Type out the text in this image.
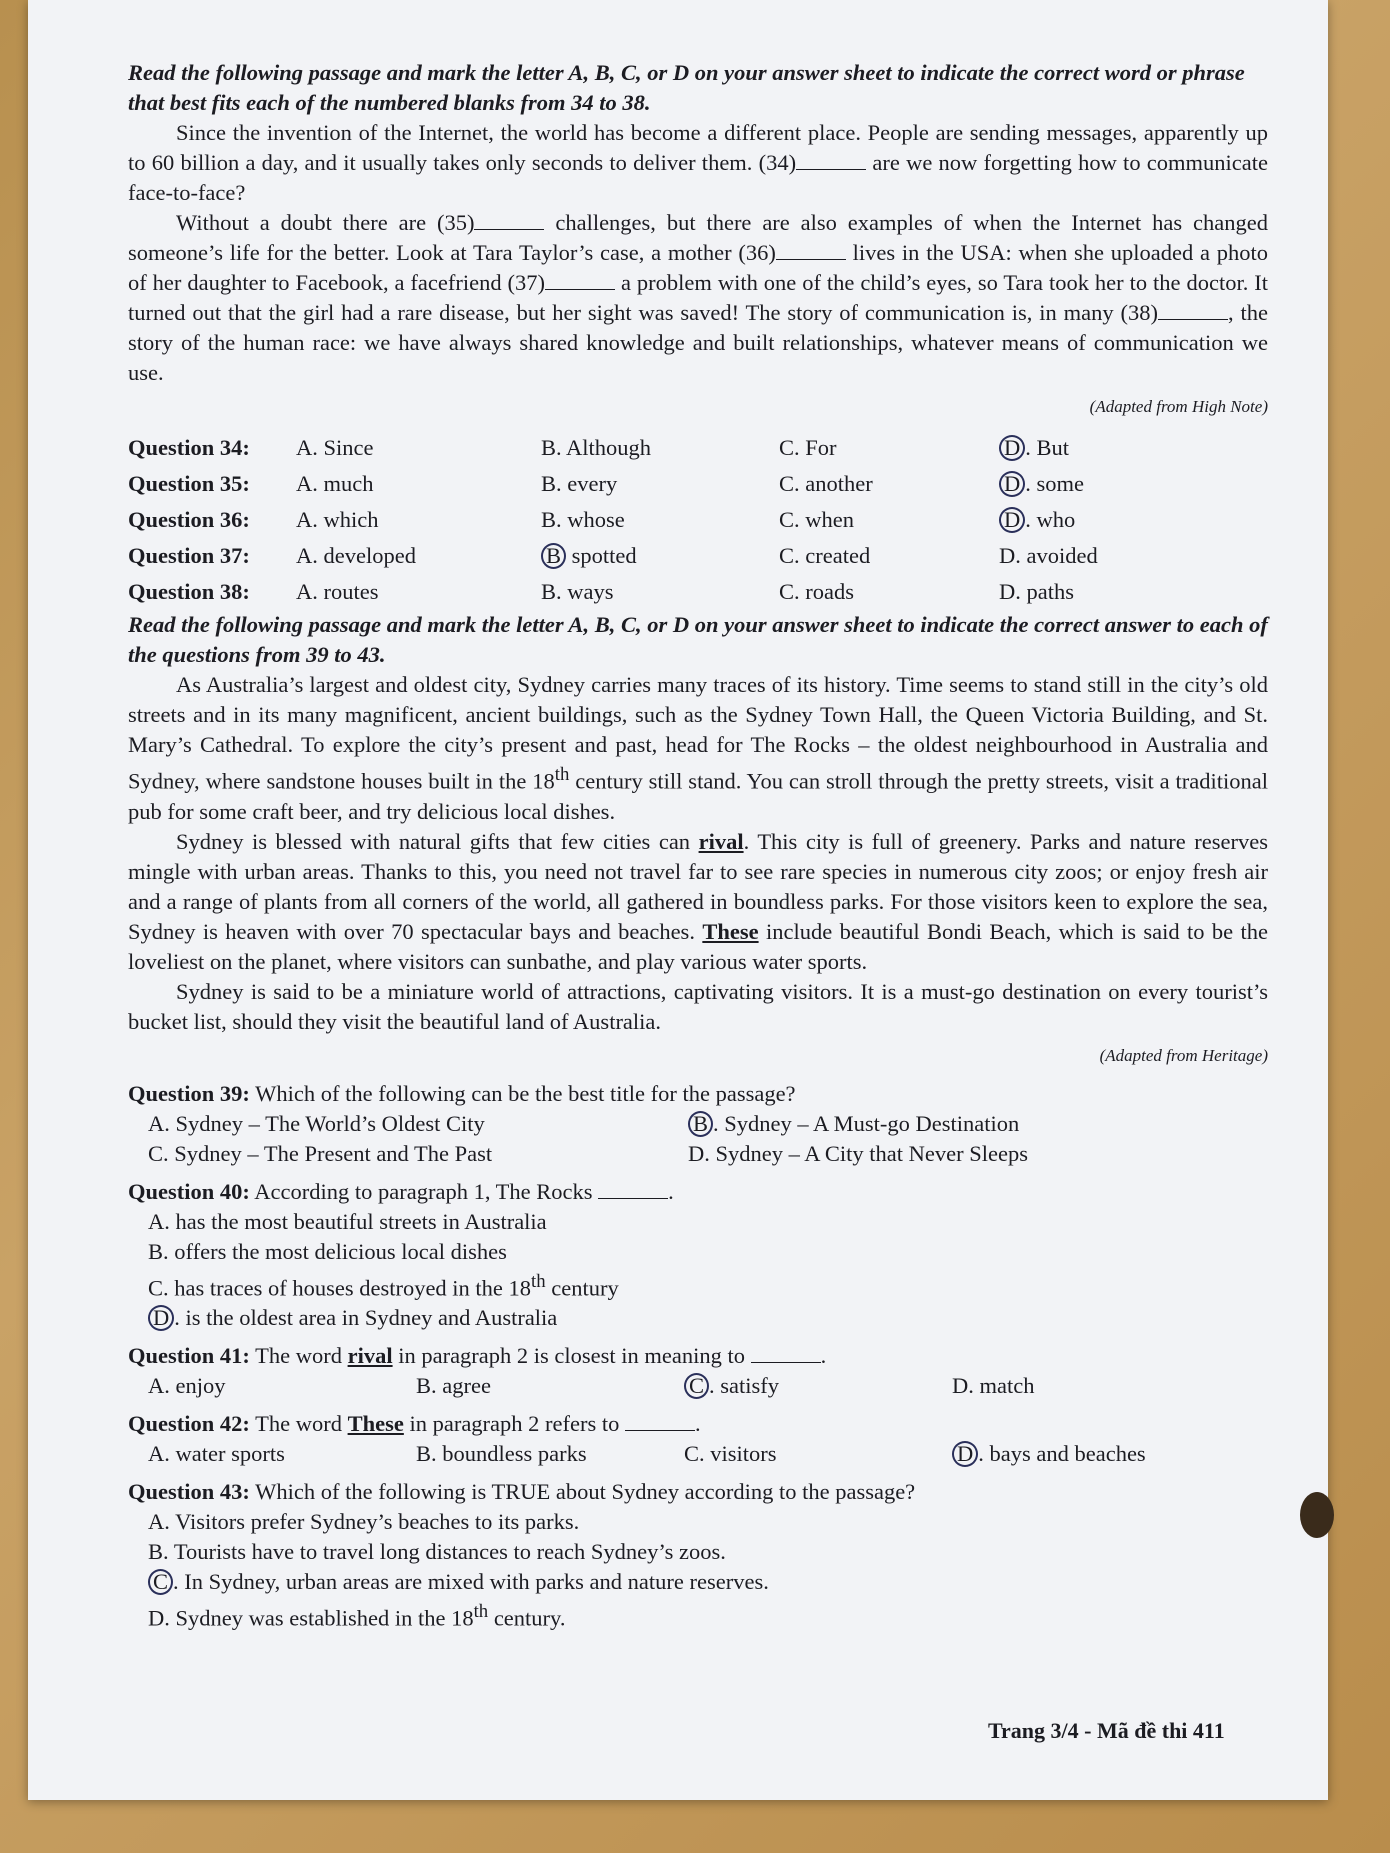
Read the following passage and mark the letter A, B, C, or D on your answer sheet to indicate the correct word or phrase that best fits each of the numbered blanks from 34 to 38.

Since the invention of the Internet, the world has become a different place. People are sending messages, apparently up to 60 billion a day, and it usually takes only seconds to deliver them. (34)	are we now forgetting how to communicate face-to-face?

Without a doubt there are (35)	challenges, but there are also examples of when the Internet has changed someone’s life for the better. Look at Tara Taylor’s case, a mother (36)	lives in the USA: when she uploaded a photo of her daughter to Facebook, a facefriend (37)	a problem with one of the child’s eyes, so Tara took her to the doctor. It turned out that the girl had a rare disease, but her sight was saved! The story of communication is, in many (38)	, the story of the human race: we have always shared knowledge and built relationships, whatever means of communication we use.

(Adapted from High Note)

Question 34:	A. Since	B. Although	C. For	D . But
Question 35:	A. much	B. every	C. another	D . some
Question 36:	A. which	B. whose	C. when	D . who
Question 37:	A. developed	B spotted	C. created	D. avoided
Question 38:	A. routes	B. ways	C. roads	D. paths

Read the following passage and mark the letter A, B, C, or D on your answer sheet to indicate the correct answer to each of the questions from 39 to 43.

As Australia’s largest and oldest city, Sydney carries many traces of its history. Time seems to stand still in the city’s old streets and in its many magnificent, ancient buildings, such as the Sydney Town Hall, the Queen Victoria Building, and St. Mary’s Cathedral. To explore the city’s present and past, head for The Rocks – the oldest neighbourhood in Australia and Sydney, where sandstone houses built in the 18th century still stand. You can stroll through the pretty streets, visit a traditional pub for some craft beer, and try delicious local dishes.

Sydney is blessed with natural gifts that few cities can rival. This city is full of greenery. Parks and nature reserves mingle with urban areas. Thanks to this, you need not travel far to see rare species in numerous city zoos; or enjoy fresh air and a range of plants from all corners of the world, all gathered in boundless parks. For those visitors keen to explore the sea, Sydney is heaven with over 70 spectacular bays and beaches. These include beautiful Bondi Beach, which is said to be the loveliest on the planet, where visitors can sunbathe, and play various water sports.

Sydney is said to be a miniature world of attractions, captivating visitors. It is a must-go destination on every tourist’s bucket list, should they visit the beautiful land of Australia.

(Adapted from Heritage)

Question 39: Which of the following can be the best title for the passage?
A. Sydney – The World’s Oldest City	B . Sydney – A Must-go Destination
C. Sydney – The Present and The Past	D. Sydney – A City that Never Sleeps
Question 40: According to paragraph 1, The Rocks	.
A. has the most beautiful streets in Australia
B. offers the most delicious local dishes
C. has traces of houses destroyed in the 18th century
D . is the oldest area in Sydney and Australia
Question 41: The word rival in paragraph 2 is closest in meaning to	.
A. enjoy	B. agree	C . satisfy	D. match
Question 42: The word These in paragraph 2 refers to	.
A. water sports	B. boundless parks	C. visitors	D . bays and beaches
Question 43: Which of the following is TRUE about Sydney according to the passage?
A. Visitors prefer Sydney’s beaches to its parks.
B. Tourists have to travel long distances to reach Sydney’s zoos.
C . In Sydney, urban areas are mixed with parks and nature reserves.
D. Sydney was established in the 18th century.
Trang 3/4 - Mã đề thi 411
